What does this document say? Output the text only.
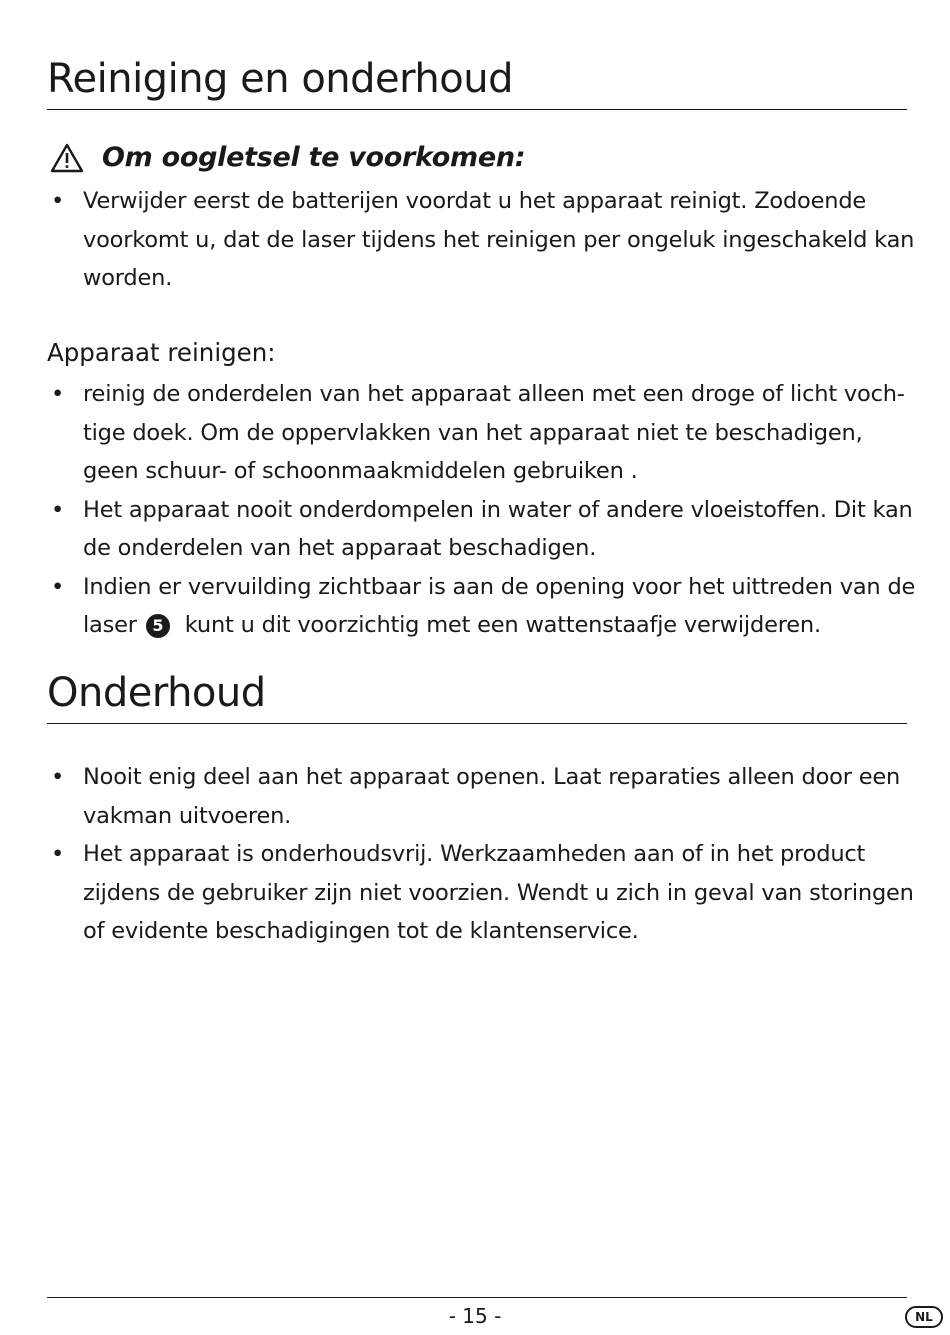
Reiniging en onderhoud
Om oogletsel te voorkomen:
• Verwijder eerst de batterijen voordat u het apparaat reinigt. Zodoende voorkomt u, dat de laser tijdens het reinigen per ongeluk ingeschakeld kan worden.
Apparaat reinigen:
• reinig de onderdelen van het apparaat alleen met een droge of licht voch-tige doek. Om de oppervlakken van het apparaat niet te beschadigen, geen schuur- of schoonmaakmiddelen gebruiken .
• Het apparaat nooit onderdompelen in water of andere vloeistoffen. Dit kan de onderdelen van het apparaat beschadigen.
• Indien er vervuilding zichtbaar is aan de opening voor het uittreden van de laser 5 kunt u dit voorzichtig met een wattenstaafje verwijderen.
Onderhoud
• Nooit enig deel aan het apparaat openen. Laat reparaties alleen door een vakman uitvoeren.
• Het apparaat is onderhoudsvrij. Werkzaamheden aan of in het product zijdens de gebruiker zijn niet voorzien. Wendt u zich in geval van storingen of evidente beschadigingen tot de klantenservice.
- 15 -	NL
